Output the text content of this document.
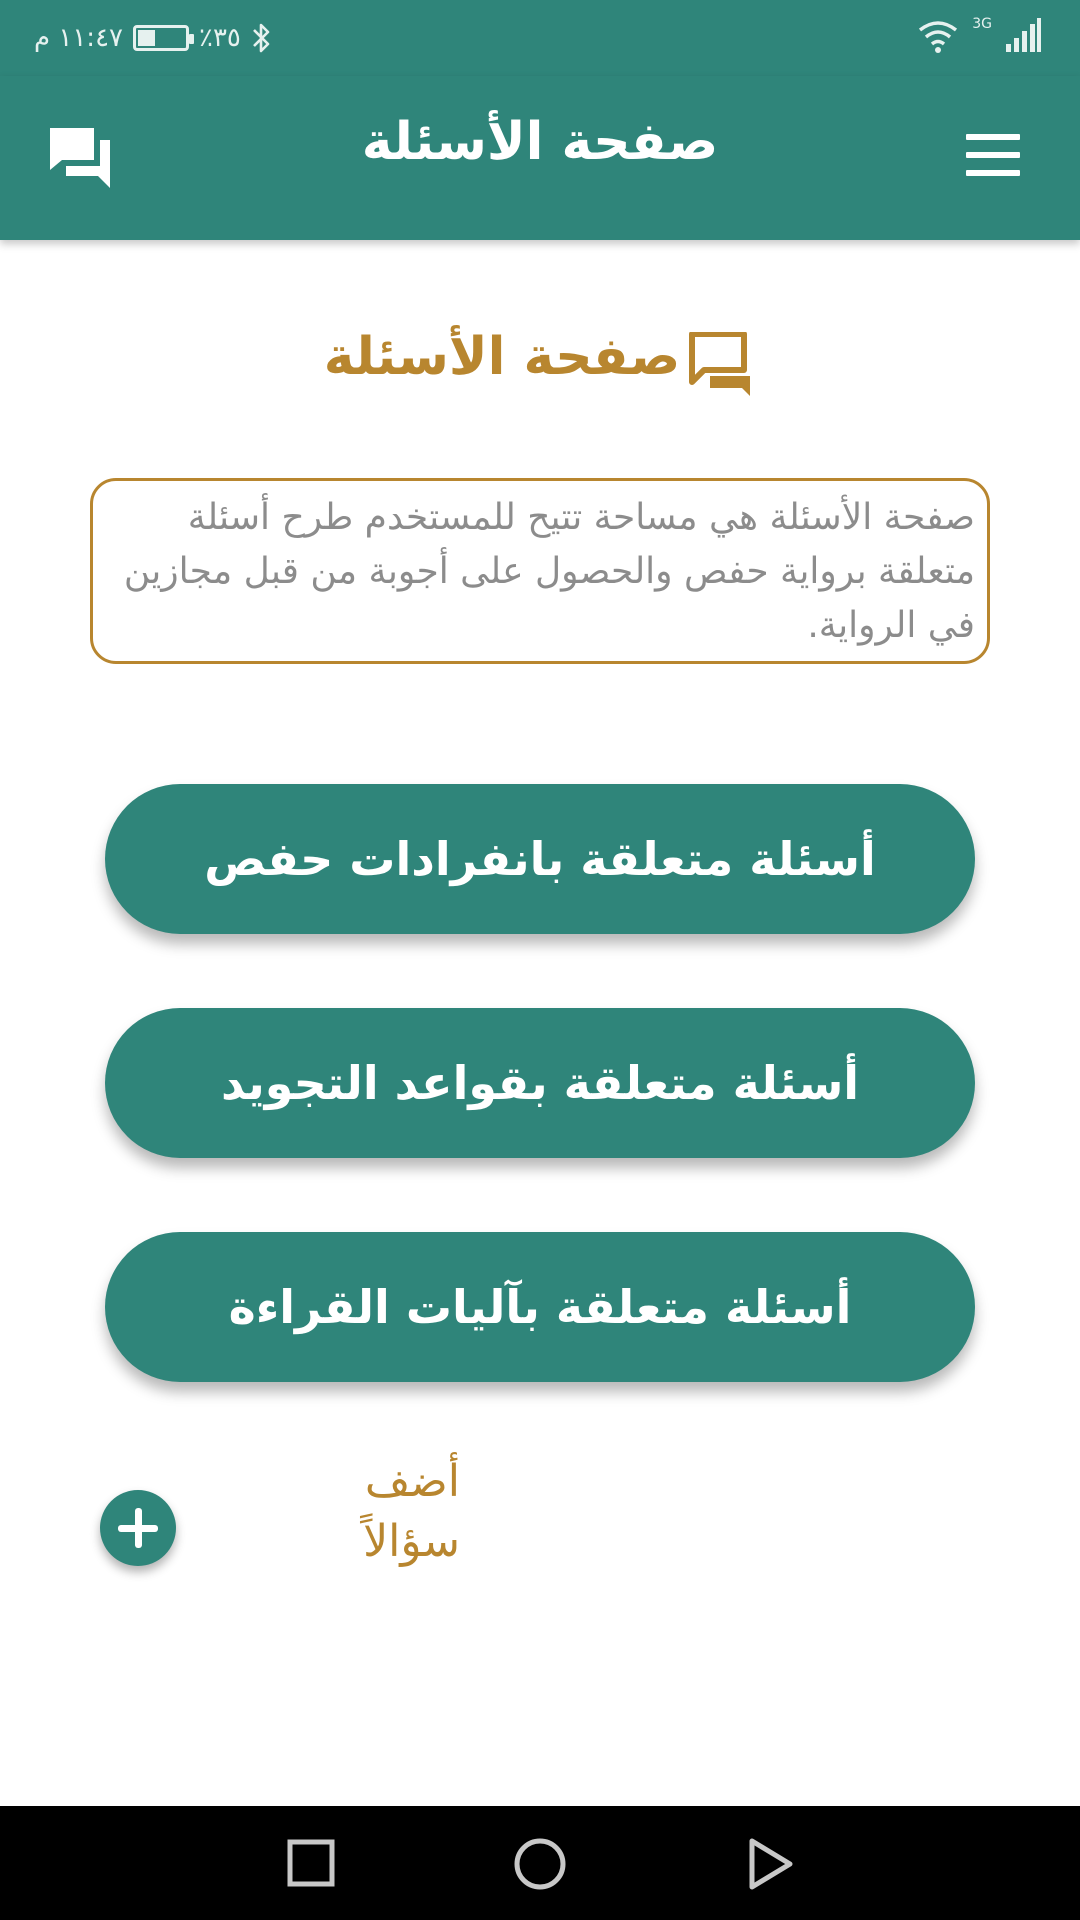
١١:٤٧ م	٪٣٥	3G
صفحة الأسئلة
صفحة الأسئلة
صفحة الأسئلة هي مساحة تتيح للمستخدم طرح أسئلة متعلقة برواية حفص والحصول على أجوبة من قبل مجازين في الرواية.
أسئلة متعلقة بانفرادات حفص
أسئلة متعلقة بقواعد التجويد
أسئلة متعلقة بآليات القراءة
أضف
سؤالاً
